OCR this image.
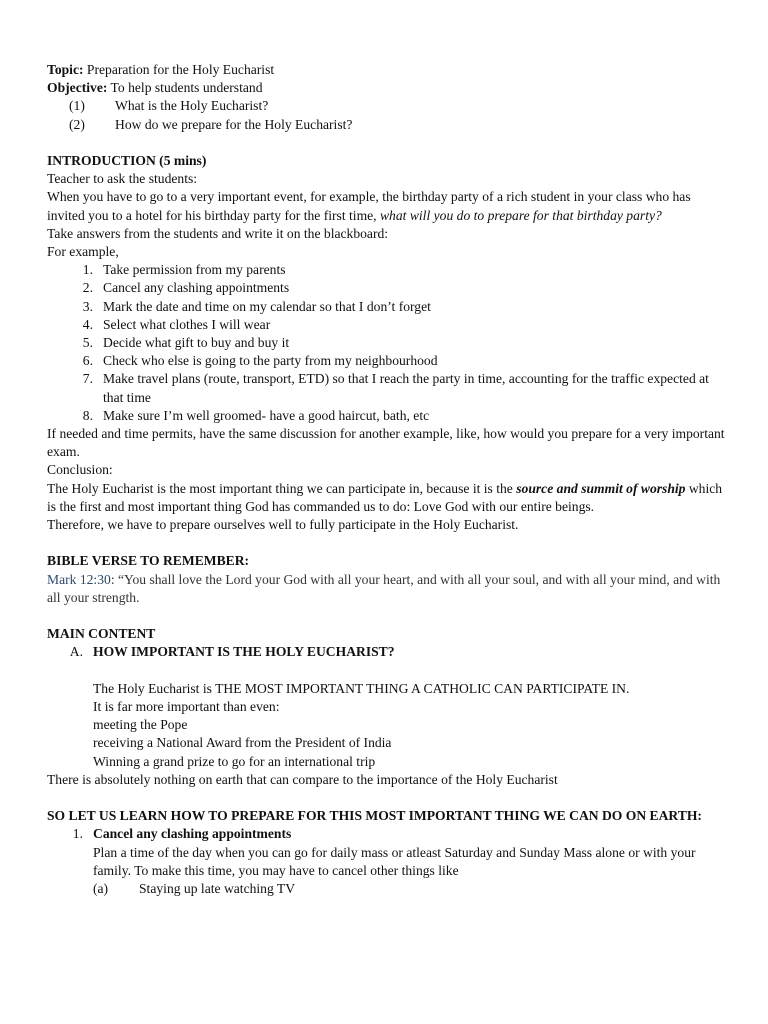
Topic: Preparation for the Holy Eucharist

Objective: To help students understand

(1)	What is the Holy Eucharist?
(2)	How do we prepare for the Holy Eucharist?

INTRODUCTION (5 mins)

Teacher to ask the students:

When you have to go to a very important event, for example, the birthday party of a rich student in your class who has invited you to a hotel for his birthday party for the first time, what will you do to prepare for that birthday party?

Take answers from the students and write it on the blackboard:

For example,

1. Take permission from my parents
2. Cancel any clashing appointments
3. Mark the date and time on my calendar so that I don’t forget
4. Select what clothes I will wear
5. Decide what gift to buy and buy it
6. Check who else is going to the party from my neighbourhood
7. Make travel plans (route, transport, ETD) so that I reach the party in time, accounting for the traffic expected at that time
8. Make sure I’m well groomed- have a good haircut, bath, etc

If needed and time permits, have the same discussion for another example, like, how would you prepare for a very important exam.

Conclusion:

The Holy Eucharist is the most important thing we can participate in, because it is the source and summit of worship which is the first and most important thing God has commanded us to do: Love God with our entire beings.

Therefore, we have to prepare ourselves well to fully participate in the Holy Eucharist.

BIBLE VERSE TO REMEMBER:

Mark 12:30: “You shall love the Lord your God with all your heart, and with all your soul, and with all your mind, and with all your strength.

MAIN CONTENT

A. HOW IMPORTANT IS THE HOLY EUCHARIST?

The Holy Eucharist is THE MOST IMPORTANT THING A CATHOLIC CAN PARTICIPATE IN.

It is far more important than even:

meeting the Pope

receiving a National Award from the President of India

Winning a grand prize to go for an international trip

There is absolutely nothing on earth that can compare to the importance of the Holy Eucharist

SO LET US LEARN HOW TO PREPARE FOR THIS MOST IMPORTANT THING WE CAN DO ON EARTH:

1. Cancel any clashing appointments

Plan a time of the day when you can go for daily mass or atleast Saturday and Sunday Mass alone or with your family. To make this time, you may have to cancel other things like

(a)	Staying up late watching TV
